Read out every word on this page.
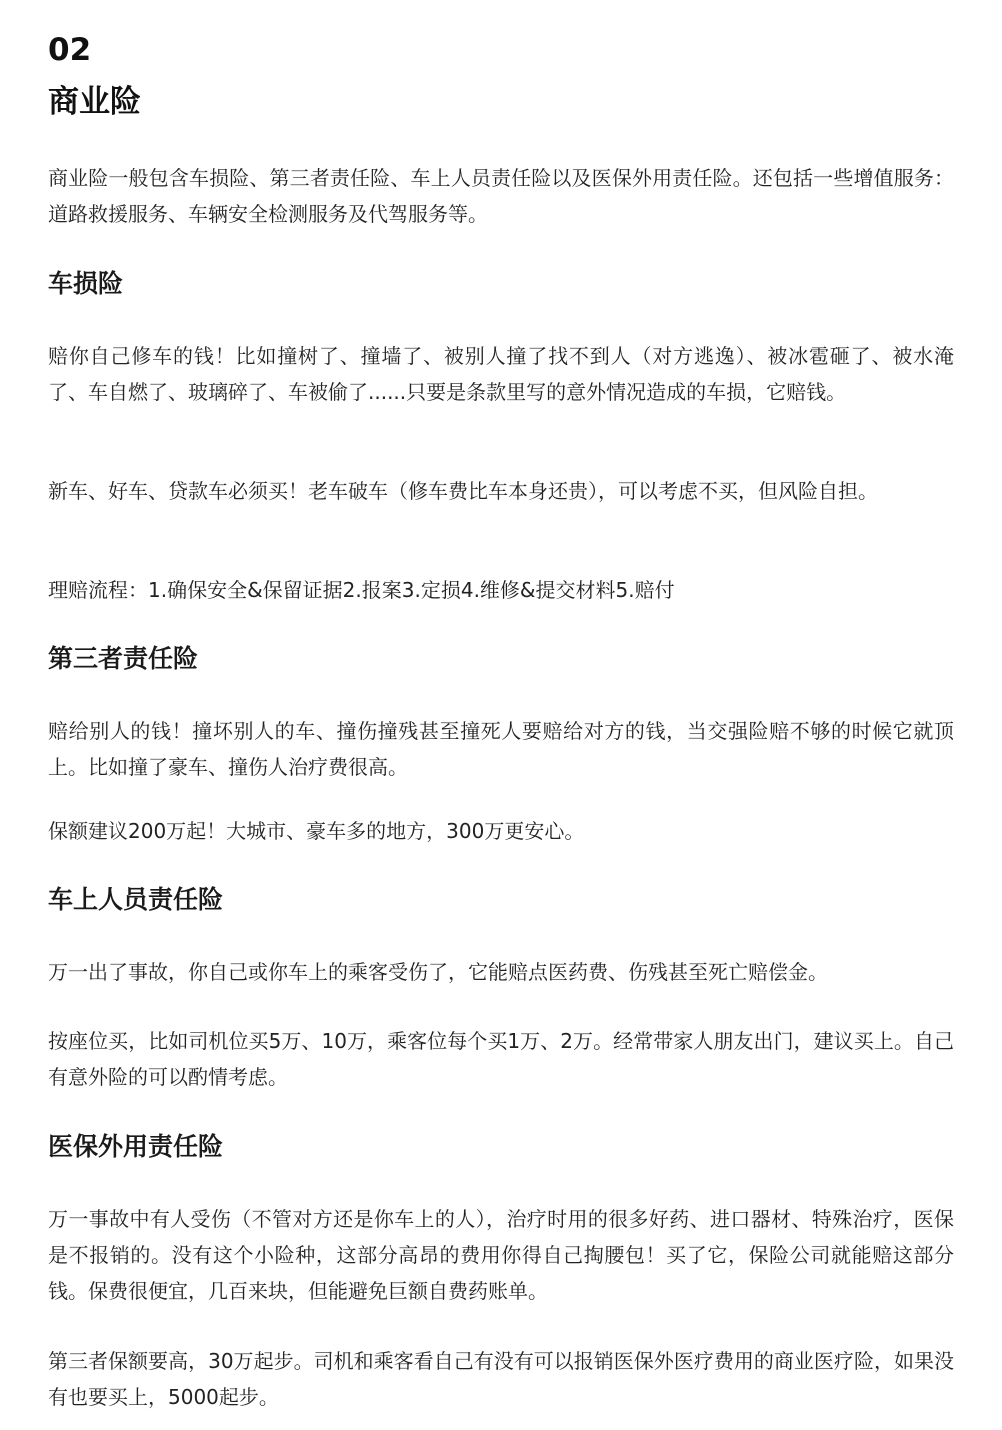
02
商业险
商业险一般包含车损险、第三者责任险、车上人员责任险以及医保外用责任险。还包括一些增值服务：道路救援服务、车辆安全检测服务及代驾服务等。
车损险
赔你自己修车的钱！比如撞树了、撞墙了、被别人撞了找不到人（对方逃逸）、被冰雹砸了、被水淹了、车自燃了、玻璃碎了、车被偷了......只要是条款里写的意外情况造成的车损，它赔钱。
新车、好车、贷款车必须买！老车破车（修车费比车本身还贵），可以考虑不买，但风险自担。
理赔流程：1.确保安全&保留证据2.报案3.定损4.维修&提交材料5.赔付
第三者责任险
赔给别人的钱！撞坏别人的车、撞伤撞残甚至撞死人要赔给对方的钱，当交强险赔不够的时候它就顶上。比如撞了豪车、撞伤人治疗费很高。
保额建议200万起！大城市、豪车多的地方，300万更安心。
车上人员责任险
万一出了事故，你自己或你车上的乘客受伤了，它能赔点医药费、伤残甚至死亡赔偿金。
按座位买，比如司机位买5万、10万，乘客位每个买1万、2万。经常带家人朋友出门，建议买上。自己有意外险的可以酌情考虑。
医保外用责任险
万一事故中有人受伤（不管对方还是你车上的人），治疗时用的很多好药、进口器材、特殊治疗，医保是不报销的。没有这个小险种，这部分高昂的费用你得自己掏腰包！买了它，保险公司就能赔这部分钱。保费很便宜，几百来块，但能避免巨额自费药账单。
第三者保额要高，30万起步。司机和乘客看自己有没有可以报销医保外医疗费用的商业医疗险，如果没有也要买上，5000起步。
